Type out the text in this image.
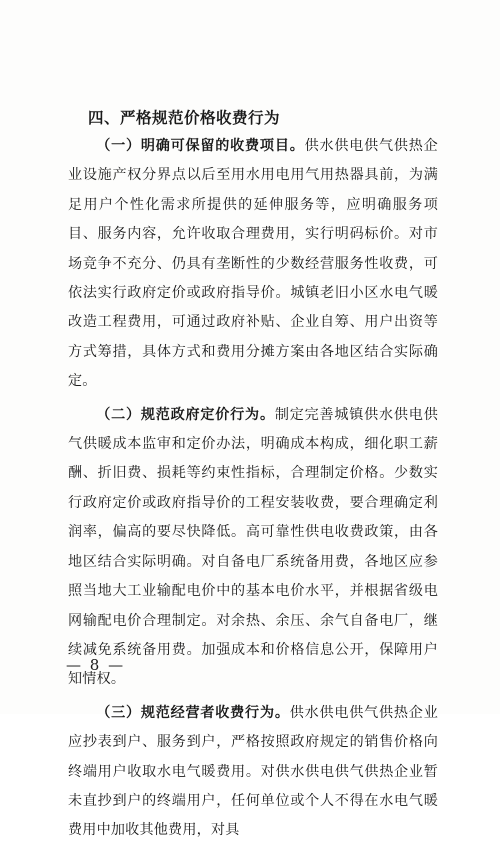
四、严格规范价格收费行为

（一）明确可保留的收费项目。供水供电供气供热企业设施产权分界点以后至用水用电用气用热器具前，为满足用户个性化需求所提供的延伸服务等，应明确服务项目、服务内容，允许收取合理费用，实行明码标价。对市场竞争不充分、仍具有垄断性的少数经营服务性收费，可依法实行政府定价或政府指导价。城镇老旧小区水电气暖改造工程费用，可通过政府补贴、企业自筹、用户出资等方式筹措，具体方式和费用分摊方案由各地区结合实际确定。

（二）规范政府定价行为。制定完善城镇供水供电供气供暖成本监审和定价办法，明确成本构成，细化职工薪酬、折旧费、损耗等约束性指标，合理制定价格。少数实行政府定价或政府指导价的工程安装收费，要合理确定利润率，偏高的要尽快降低。高可靠性供电收费政策，由各地区结合实际明确。对自备电厂系统备用费，各地区应参照当地大工业输配电价中的基本电价水平，并根据省级电网输配电价合理制定。对余热、余压、余气自备电厂，继续减免系统备用费。加强成本和价格信息公开，保障用户知情权。

（三）规范经营者收费行为。供水供电供气供热企业应抄表到户、服务到户，严格按照政府规定的销售价格向终端用户收取水电气暖费用。对供水供电供气供热企业暂未直抄到户的终端用户，任何单位或个人不得在水电气暖费用中加收其他费用，对具

— 8 —
